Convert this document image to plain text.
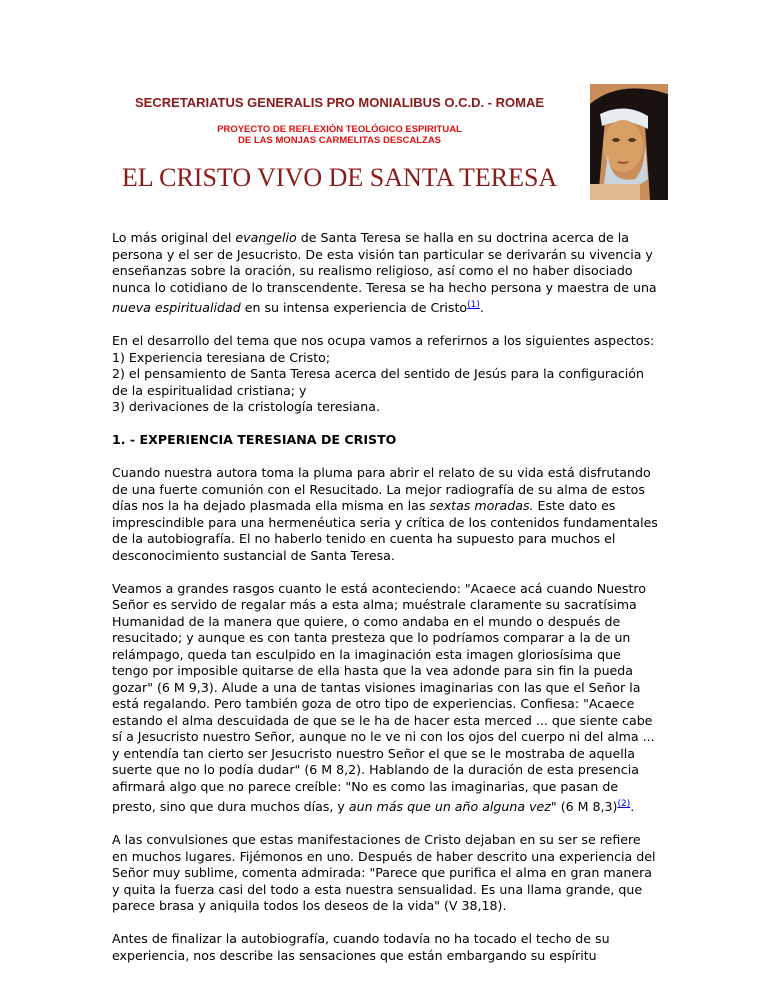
SECRETARIATUS GENERALIS PRO MONIALIBUS O.C.D. - ROMAE
PROYECTO DE REFLEXIÓN TEOLÓGICO ESPIRITUAL
DE LAS MONJAS CARMELITAS DESCALZAS
EL CRISTO VIVO DE SANTA TERESA

Lo más original del evangelio de Santa Teresa se halla en su doctrina acerca de la persona y el ser de Jesucristo. De esta visión tan particular se derivarán su vivencia y enseñanzas sobre la oración, su realismo religioso, así como el no haber disociado nunca lo cotidiano de lo transcendente. Teresa se ha hecho persona y maestra de una nueva espiritualidad en su intensa experiencia de Cristo$^{(1)}$.

En el desarrollo del tema que nos ocupa vamos a referirnos a los siguientes aspectos:
1) Experiencia teresiana de Cristo;
2) el pensamiento de Santa Teresa acerca del sentido de Jesús para la configuración de la espiritualidad cristiana; y
3) derivaciones de la cristología teresiana.

1. - EXPERIENCIA TERESIANA DE CRISTO

Cuando nuestra autora toma la pluma para abrir el relato de su vida está disfrutando de una fuerte comunión con el Resucitado. La mejor radiografía de su alma de estos días nos la ha dejado plasmada ella misma en las sextas moradas. Este dato es imprescindible para una hermenéutica seria y crítica de los contenidos fundamentales de la autobiografía. El no haberlo tenido en cuenta ha supuesto para muchos el desconocimiento sustancial de Santa Teresa.

Veamos a grandes rasgos cuanto le está aconteciendo: "Acaece acá cuando Nuestro Señor es servido de regalar más a esta alma; muéstrale claramente su sacratísima Humanidad de la manera que quiere, o como andaba en el mundo o después de resucitado; y aunque es con tanta presteza que lo podríamos comparar a la de un relámpago, queda tan esculpido en la imaginación esta imagen gloriosísima que tengo por imposible quitarse de ella hasta que la vea adonde para sin fin la pueda gozar" (6 M 9,3). Alude a una de tantas visiones imaginarias con las que el Señor la está regalando. Pero también goza de otro tipo de experiencias. Confiesa: "Acaece estando el alma descuidada de que se le ha de hacer esta merced ... que siente cabe sí a Jesucristo nuestro Señor, aunque no le ve ni con los ojos del cuerpo ni del alma ... y entendía tan cierto ser Jesucristo nuestro Señor el que se le mostraba de aquella suerte que no lo podía dudar" (6 M 8,2). Hablando de la duración de esta presencia afirmará algo que no parece creíble: "No es como las imaginarias, que pasan de presto, sino que dura muchos días, y aun más que un año alguna vez" (6 M 8,3)$^{(2)}$.

A las convulsiones que estas manifestaciones de Cristo dejaban en su ser se refiere en muchos lugares. Fijémonos en uno. Después de haber descrito una experiencia del Señor muy sublime, comenta admirada: "Parece que purifica el alma en gran manera y quita la fuerza casi del todo a esta nuestra sensualidad. Es una llama grande, que parece brasa y aniquila todos los deseos de la vida" (V 38,18).

Antes de finalizar la autobiografía, cuando todavía no ha tocado el techo de su experiencia, nos describe las sensaciones que están embargando su espíritu
